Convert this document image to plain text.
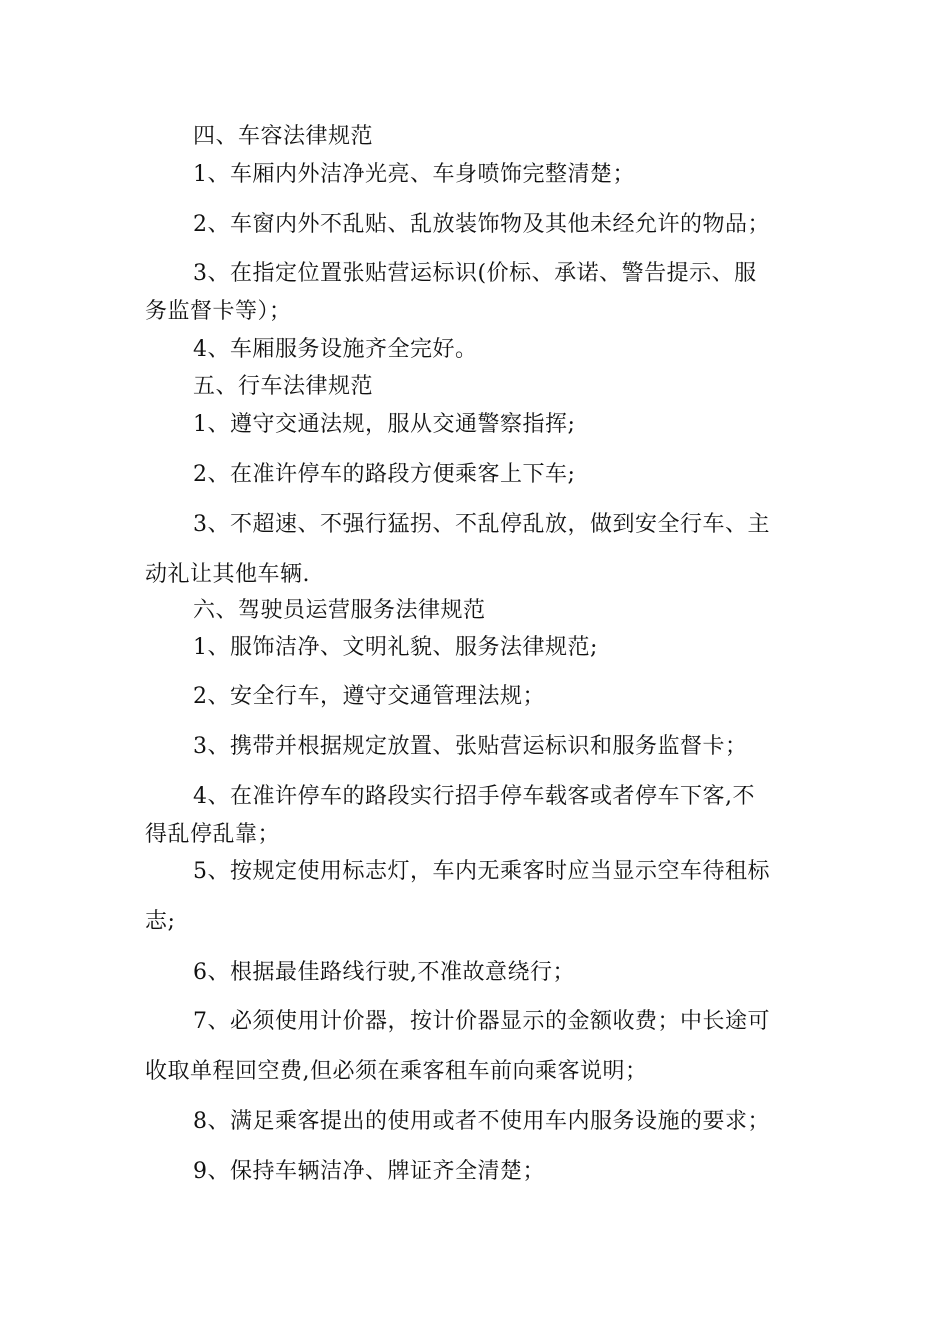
四、车容法律规范
1、车厢内外洁净光亮、车身喷饰完整清楚；
2、车窗内外不乱贴、乱放装饰物及其他未经允许的物品；
3、在指定位置张贴营运标识(价标、承诺、警告提示、服
务监督卡等）；
4、车厢服务设施齐全完好。
五、行车法律规范
1、遵守交通法规，服从交通警察指挥;
2、在准许停车的路段方便乘客上下车;
3、不超速、不强行猛拐、不乱停乱放，做到安全行车、主
动礼让其他车辆.
六、驾驶员运营服务法律规范
1、服饰洁净、文明礼貌、服务法律规范;
2、安全行车，遵守交通管理法规；
3、携带并根据规定放置、张贴营运标识和服务监督卡；
4、在准许停车的路段实行招手停车载客或者停车下客,不
得乱停乱靠；
5、按规定使用标志灯，车内无乘客时应当显示空车待租标
志;
6、根据最佳路线行驶,不准故意绕行；
7、必须使用计价器，按计价器显示的金额收费；中长途可
收取单程回空费,但必须在乘客租车前向乘客说明；
8、满足乘客提出的使用或者不使用车内服务设施的要求；
9、保持车辆洁净、牌证齐全清楚；
